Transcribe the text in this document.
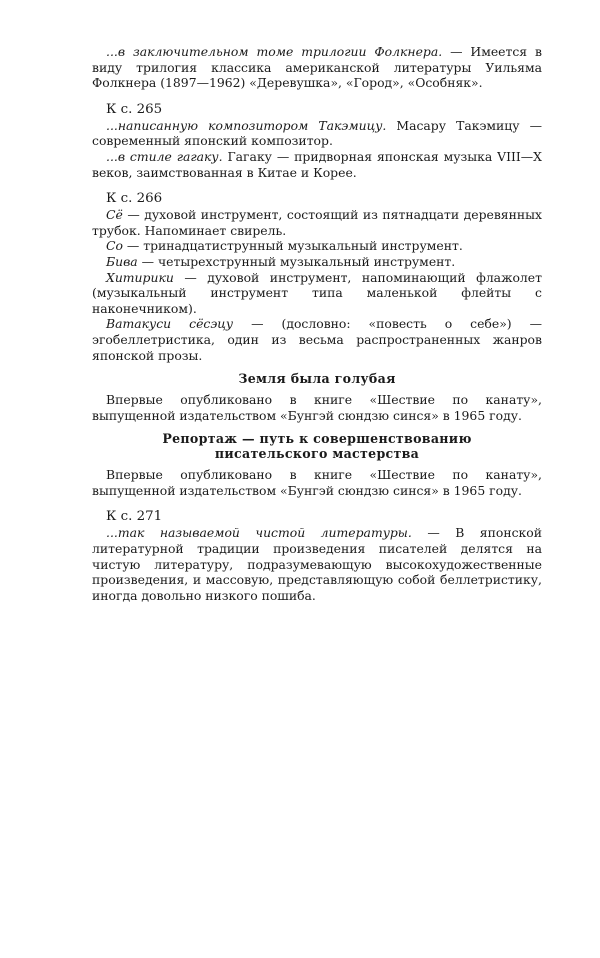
...в заключительном томе трилогии Фолкнера. — Имеется в виду трилогия классика американской литературы Уильяма Фолкнера (1897—1962) «Деревушка», «Город», «Особняк».

К с. 265

...написанную композитором Такэмицу. Масару Такэмицу — современный японский композитор.

...в стиле гагаку. Гагаку — придворная японская музыка VIII—X веков, заимствованная в Китае и Корее.

К с. 266

Сё — духовой инструмент, состоящий из пятнадцати деревянных трубок. Напоминает свирель.

Со — тринадцатиструнный музыкальный инструмент.

Бива — четырехструнный музыкальный инструмент.

Хитирики — духовой инструмент, напоминающий флажолет (музыкальный инструмент типа маленькой флейты с наконечником).

Ватакуси сёсэцу — (дословно: «повесть о себе») — эгобеллетристика, один из весьма распространенных жанров японской прозы.

Земля была голубая

Впервые опубликовано в книге «Шествие по канату», выпущенной издательством «Бунгэй сюндзю синся» в 1965 году.

Репортаж — путь к совершенствованию писательского мастерства

Впервые опубликовано в книге «Шествие по канату», выпущенной издательством «Бунгэй сюндзю синся» в 1965 году.

К с. 271

...так называемой чистой литературы. — В японской литературной традиции произведения писателей делятся на чистую литературу, подразумевающую высокохудожественные произведения, и массовую, представляющую собой беллетристику, иногда довольно низкого пошиба.
